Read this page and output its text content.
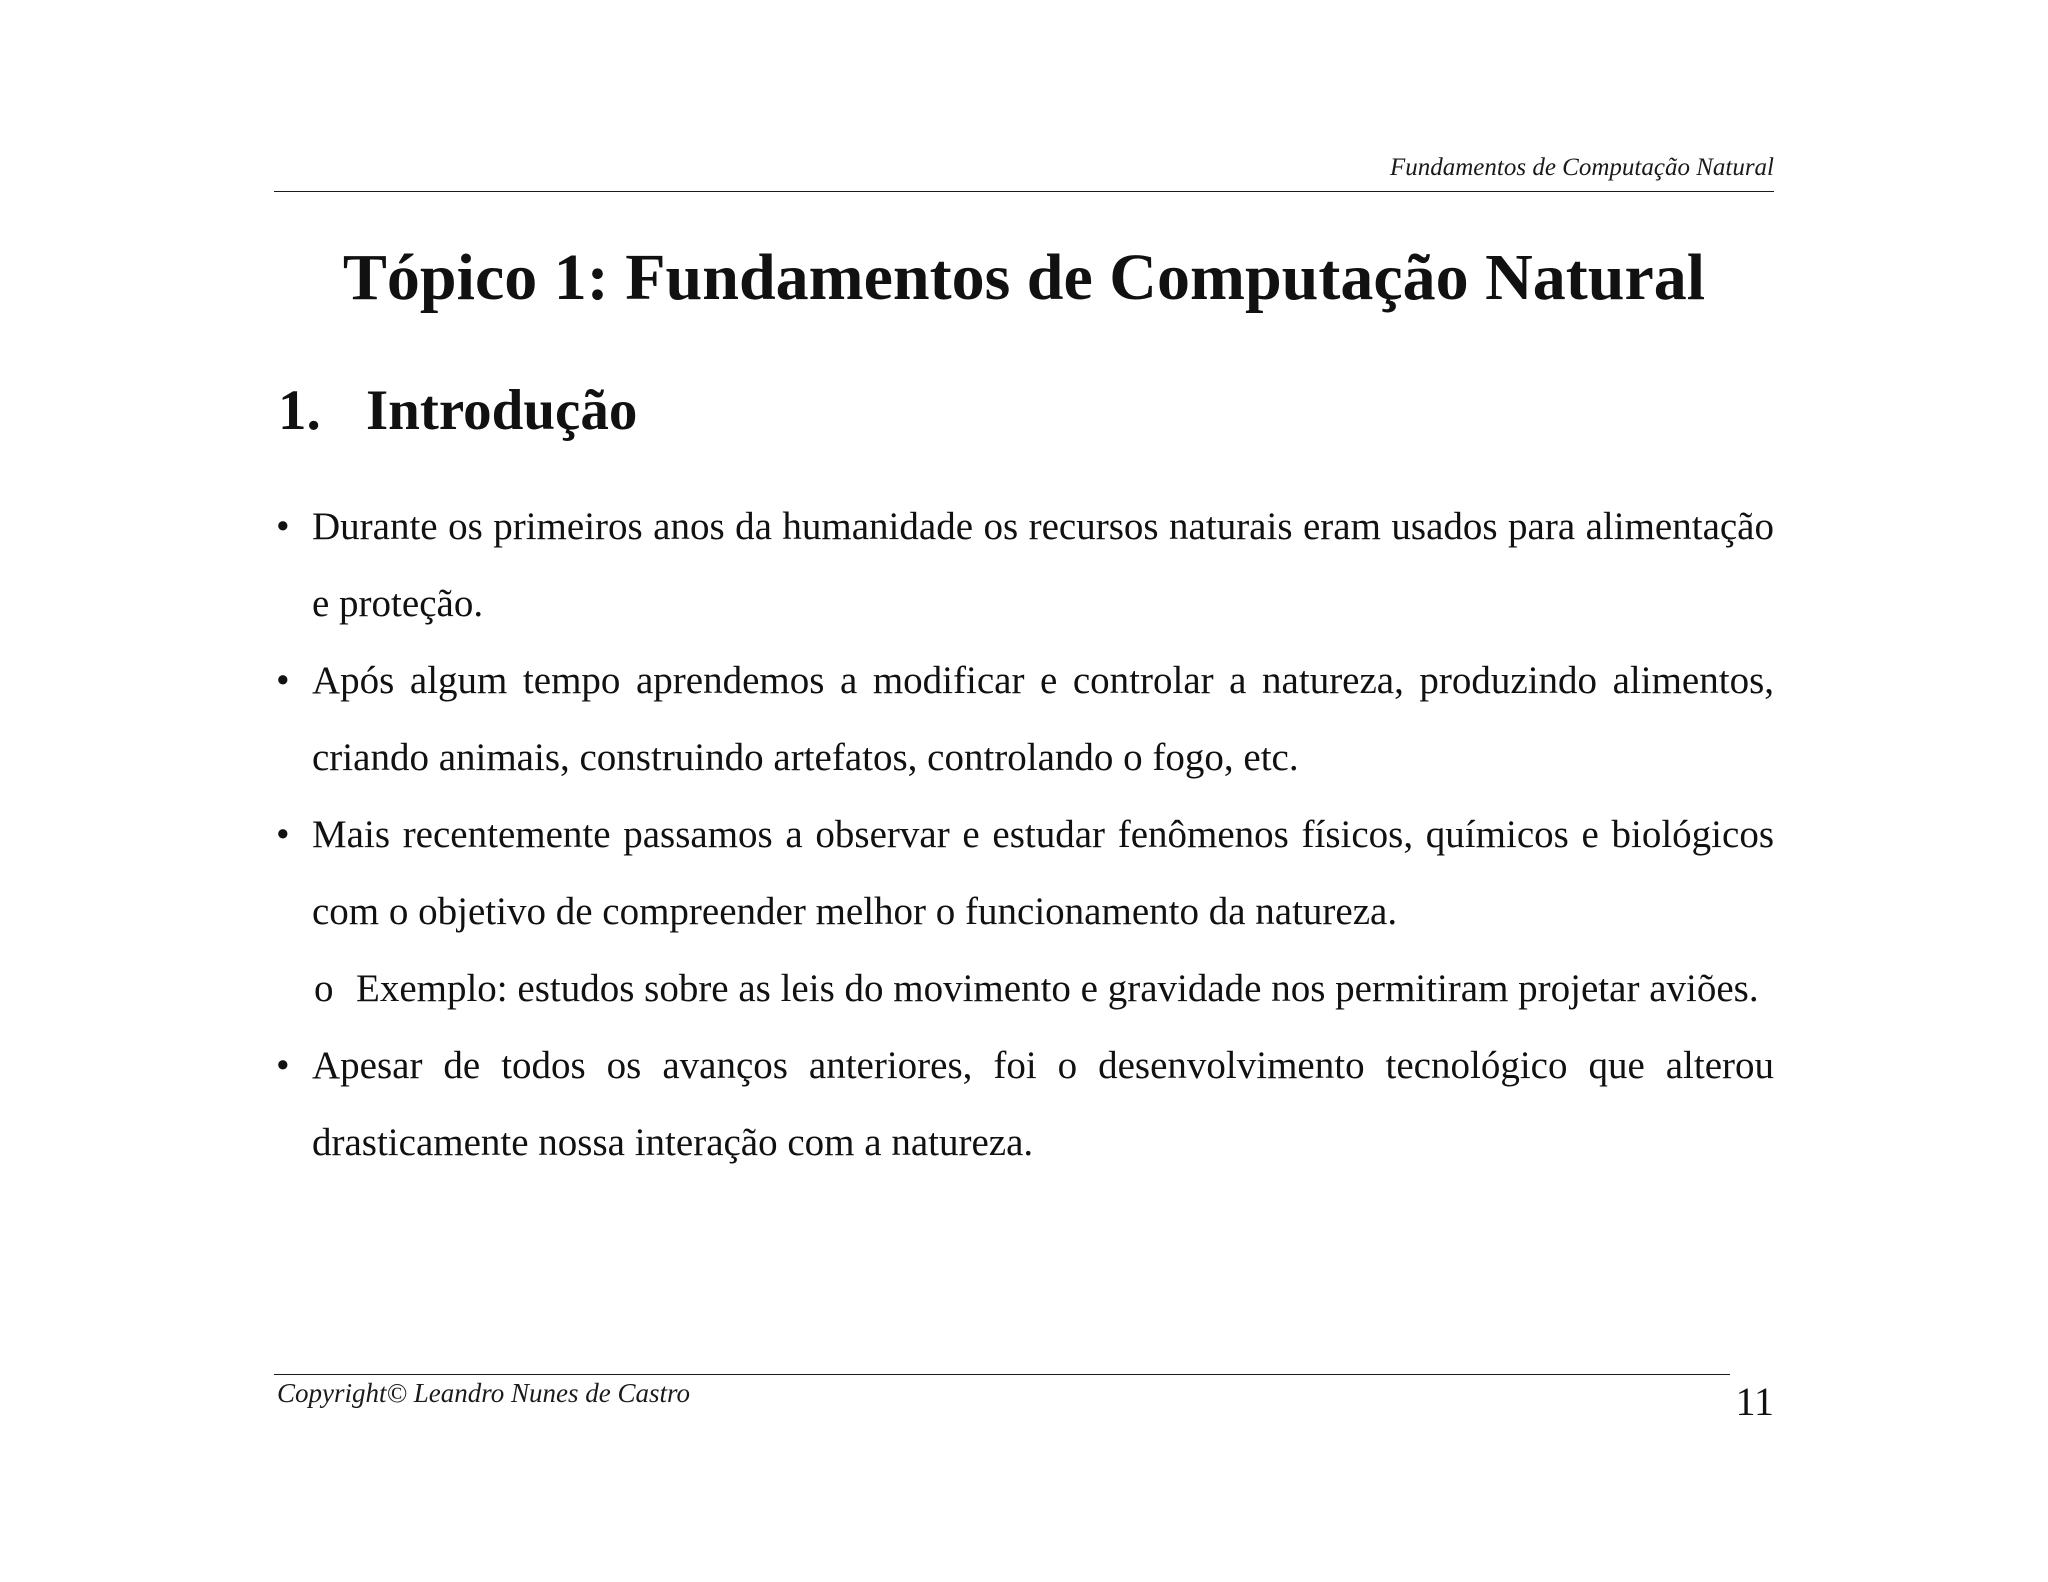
Fundamentos de Computação Natural
Tópico 1: Fundamentos de Computação Natural
1. Introdução
• Durante os primeiros anos da humanidade os recursos naturais eram usados para alimentação e proteção.
• Após algum tempo aprendemos a modificar e controlar a natureza, produzindo alimentos, criando animais, construindo artefatos, controlando o fogo, etc.
• Mais recentemente passamos a observar e estudar fenômenos físicos, químicos e biológicos com o objetivo de compreender melhor o funcionamento da natureza.
o Exemplo: estudos sobre as leis do movimento e gravidade nos permitiram projetar aviões.
• Apesar de todos os avanços anteriores, foi o desenvolvimento tecnológico que alterou drasticamente nossa interação com a natureza.
Copyright© Leandro Nunes de Castro	11
